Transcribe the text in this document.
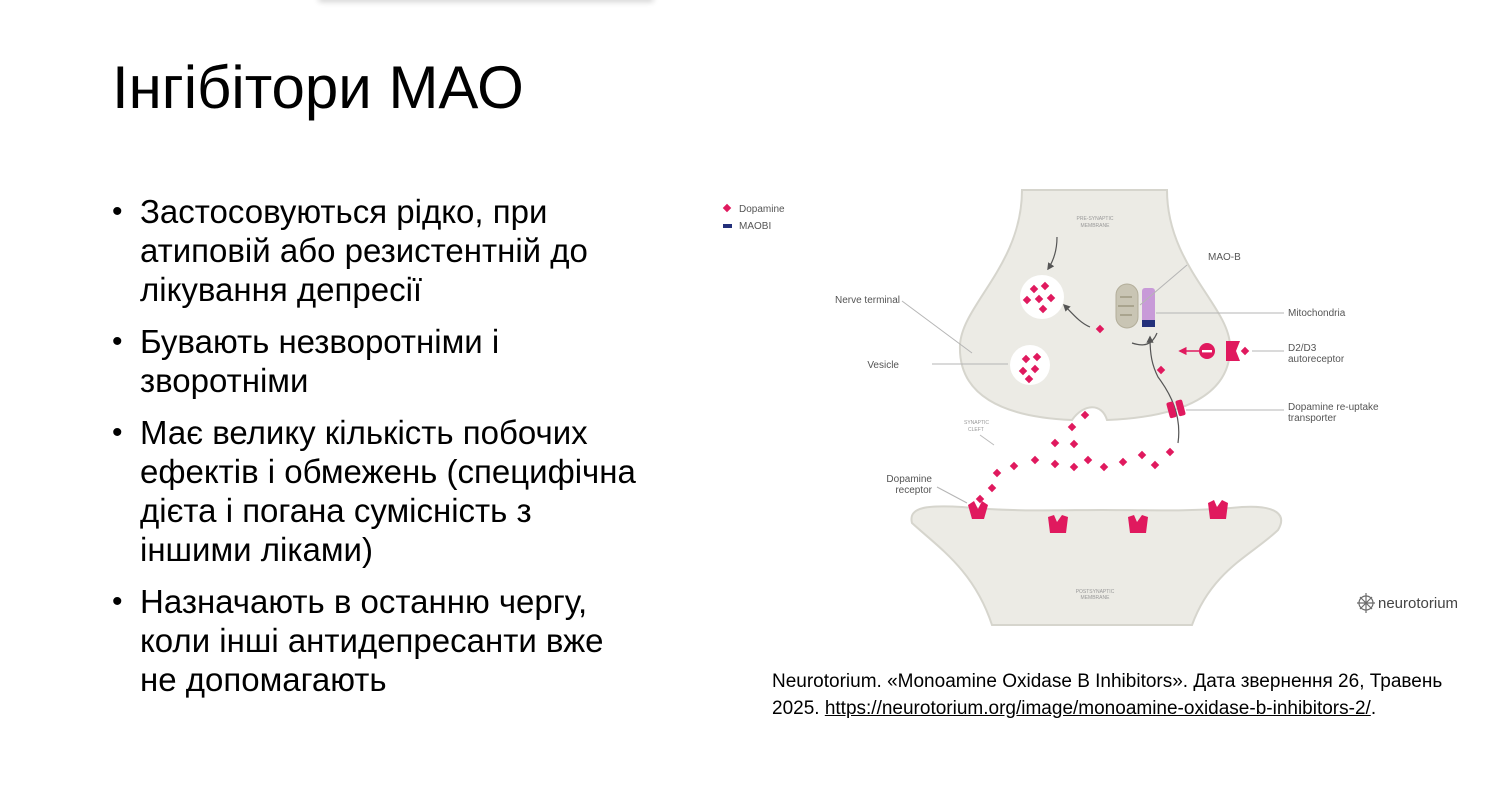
Інгібітори МАО
• Застосовуються рідко, при
атиповій або резистентній до
лікування депресії
• Бувають незворотніми і
зворотніми
• Має велику кількість побочих
ефектів і обмежень (специфічна
дієта і погана сумісність з
іншими ліками)
• Назначають в останню чергу,
коли інші антидепресанти вже
не допомагають
Dopamine
MAOBI
PRE-SYNAPTIC
MEMBRANE
POSTSYNAPTIC
MEMBRANE
SYNAPTIC
CLEFT
Nerve terminal
Vesicle
MAO-B
Mitochondria
D2/D3
autoreceptor
Dopamine re-uptake
transporter
Dopamine
receptor
neurotorium
Neurotorium. «Monoamine Oxidase B Inhibitors». Дата звернення 26, Травень
2025. https://neurotorium.org/image/monoamine-oxidase-b-inhibitors-2/.
